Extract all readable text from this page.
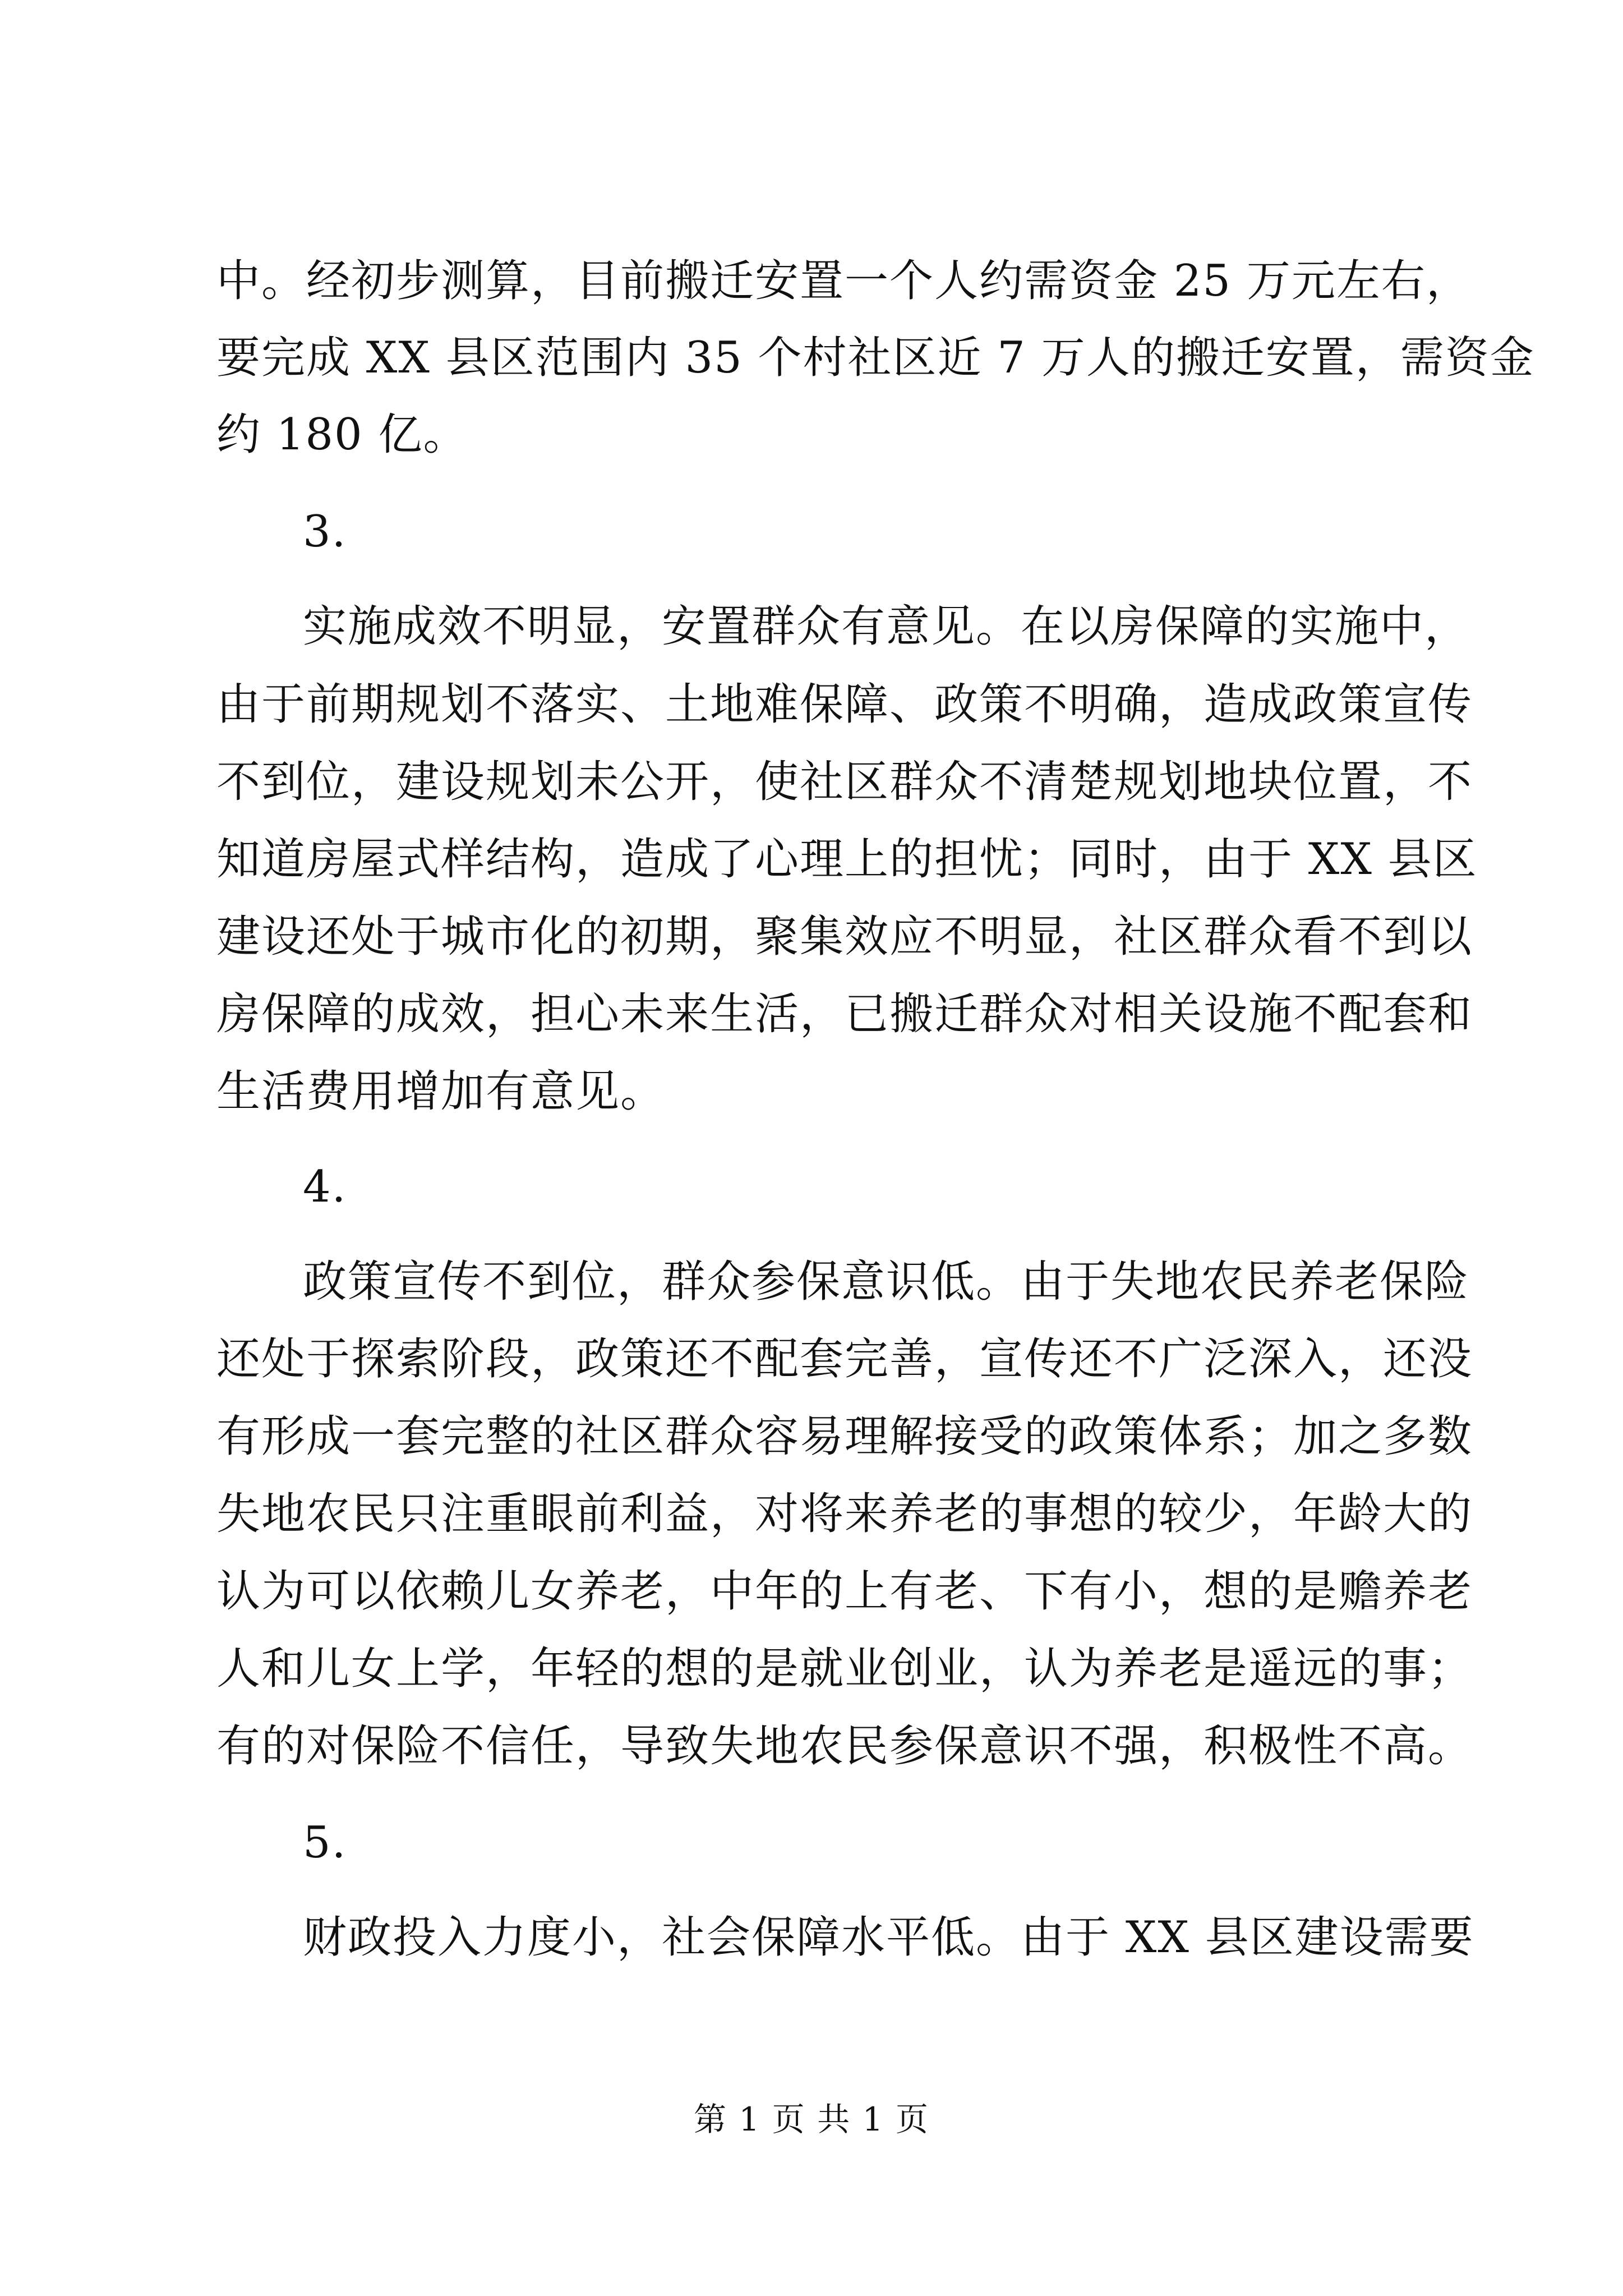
中。经初步测算，目前搬迁安置一个人约需资金 25 万元左右，
要完成 XX 县区范围内 35 个村社区近 7 万人的搬迁安置，需资金
约 180 亿。
3.
实施成效不明显，安置群众有意见。在以房保障的实施中，
由于前期规划不落实、土地难保障、政策不明确，造成政策宣传
不到位，建设规划未公开，使社区群众不清楚规划地块位置，不
知道房屋式样结构，造成了心理上的担忧；同时，由于 XX 县区
建设还处于城市化的初期，聚集效应不明显，社区群众看不到以
房保障的成效，担心未来生活，已搬迁群众对相关设施不配套和
生活费用增加有意见。
4.
政策宣传不到位，群众参保意识低。由于失地农民养老保险
还处于探索阶段，政策还不配套完善，宣传还不广泛深入，还没
有形成一套完整的社区群众容易理解接受的政策体系；加之多数
失地农民只注重眼前利益，对将来养老的事想的较少，年龄大的
认为可以依赖儿女养老，中年的上有老、下有小，想的是赡养老
人和儿女上学，年轻的想的是就业创业，认为养老是遥远的事；
有的对保险不信任，导致失地农民参保意识不强，积极性不高。
5.
财政投入力度小，社会保障水平低。由于 XX 县区建设需要
第 1 页 共 1 页
